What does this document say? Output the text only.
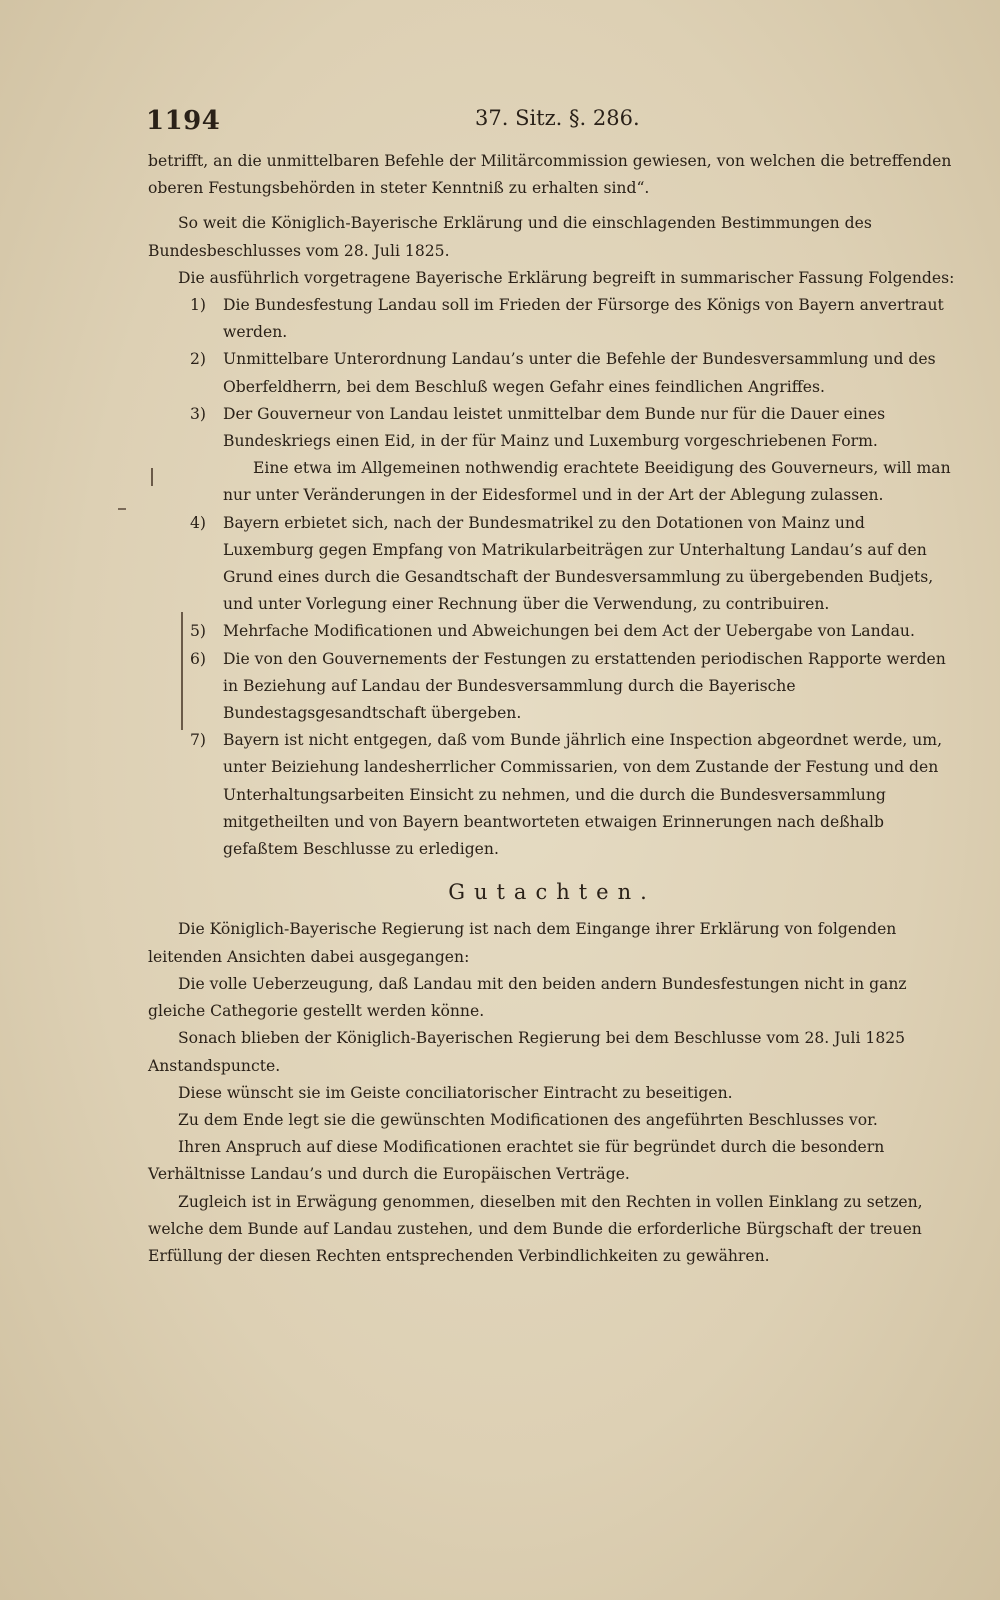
1194	37. Sitz. §. 286.

betrifft, an die unmittelbaren Befehle der Militärcommission gewiesen, von welchen die betreffenden oberen Festungsbehörden in steter Kenntniß zu erhalten sind“.

So weit die Königlich-Bayerische Erklärung und die einschlagenden Bestimmungen des Bundesbeschlusses vom 28. Juli 1825.

Die ausführlich vorgetragene Bayerische Erklärung begreift in summarischer Fassung Folgendes:

1) Die Bundesfestung Landau soll im Frieden der Fürsorge des Königs von Bayern anvertraut werden.
2) Unmittelbare Unterordnung Landau’s unter die Befehle der Bundesversammlung und des Oberfeldherrn, bei dem Beschluß wegen Gefahr eines feindlichen Angriffes.
3) Der Gouverneur von Landau leistet unmittelbar dem Bunde nur für die Dauer eines Bundeskriegs einen Eid, in der für Mainz und Luxemburg vorgeschriebenen Form.

Eine etwa im Allgemeinen nothwendig erachtete Beeidigung des Gouverneurs, will man nur unter Veränderungen in der Eidesformel und in der Art der Ablegung zulassen.

4) Bayern erbietet sich, nach der Bundesmatrikel zu den Dotationen von Mainz und Luxemburg gegen Empfang von Matrikularbeiträgen zur Unterhaltung Landau’s auf den Grund eines durch die Gesandtschaft der Bundesversammlung zu übergebenden Budjets, und unter Vorlegung einer Rechnung über die Verwendung, zu contribuiren.
5) Mehrfache Modificationen und Abweichungen bei dem Act der Uebergabe von Landau.
6) Die von den Gouvernements der Festungen zu erstattenden periodischen Rapporte werden in Beziehung auf Landau der Bundesversammlung durch die Bayerische Bundestagsgesandtschaft übergeben.
7) Bayern ist nicht entgegen, daß vom Bunde jährlich eine Inspection abgeordnet werde, um, unter Beiziehung landesherrlicher Commissarien, von dem Zustande der Festung und den Unterhaltungsarbeiten Einsicht zu nehmen, und die durch die Bundesversammlung mitgetheilten und von Bayern beantworteten etwaigen Erinnerungen nach deßhalb gefaßtem Beschlusse zu erledigen.

Gutachten.

Die Königlich-Bayerische Regierung ist nach dem Eingange ihrer Erklärung von folgenden leitenden Ansichten dabei ausgegangen:

Die volle Ueberzeugung, daß Landau mit den beiden andern Bundesfestungen nicht in ganz gleiche Cathegorie gestellt werden könne.

Sonach blieben der Königlich-Bayerischen Regierung bei dem Beschlusse vom 28. Juli 1825 Anstandspuncte.

Diese wünscht sie im Geiste conciliatorischer Eintracht zu beseitigen.

Zu dem Ende legt sie die gewünschten Modificationen des angeführten Beschlusses vor.

Ihren Anspruch auf diese Modificationen erachtet sie für begründet durch die besondern Verhältnisse Landau’s und durch die Europäischen Verträge.

Zugleich ist in Erwägung genommen, dieselben mit den Rechten in vollen Einklang zu setzen, welche dem Bunde auf Landau zustehen, und dem Bunde die erforderliche Bürgschaft der treuen Erfüllung der diesen Rechten entsprechenden Verbindlichkeiten zu gewähren.
